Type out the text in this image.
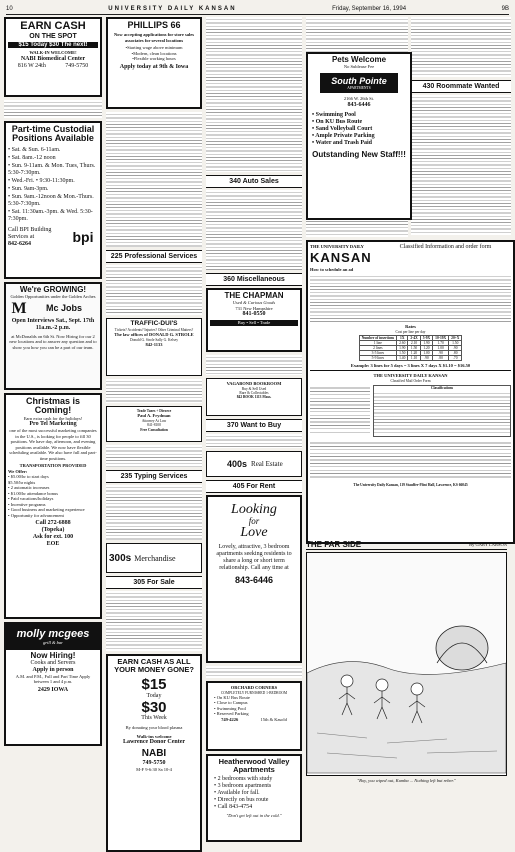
10	UNIVERSITY DAILY KANSAN	Friday, September 16, 1994	9B
EARN CASH
ON THE SPOT
$15 Today $30 The next!
WALK-IN WELCOME!
NABI Biomedical Center
816 W 24th	749-5750
Part-time Custodial Positions Available
• Sat. & Sun. 6-11am.
• Sat. 8am.-12 noon
• Sun. 9-11am. & Mon. Tues, Thurs. 5:30-7:30pm.
• Wed.-Fri. • 9:30-11:30pm.
• Sun. 9am-3pm.
• Sun. 9am.-12noon & Mon.-Thurs. 5:30-7:30pm.
• Sat. 11:30am.-3pm. & Wed. 5:30-7:30pm.
Call BPI Building Services at
842-6264	bpi
We're GROWING!
Golden Opportunities under the Golden Arches
M	Mc Jobs
Open Interviews Sat., Sept. 17th 11a.m.-2 p.m.
at McDonalds on 6th St. Now Hiring for our 2 new locations and to answer any question and to show you how you can be a part of our team.
Christmas is Coming!
Earn extra cash for the holidays!
Pro Tel Marketing
one of the most successful marketing companies in the U.S., is looking for people to fill 30 positions. We have day, afternoon, and evening positions available. We now have flexible scheduling available. We also have full and part-time positions.
TRANSPORTATION PROVIDED
We Offer:
• $5.00/hr to start days
$5.50/hr nights
• 2 automatic increases
• $1.00/hr attendance bonus
• Paid vacations/holidays
• Incentive programs
• Good business and marketing experience
• Opportunity for advancement
Call 272-6888
(Topeka)
Ask for ext. 100
EOE
molly mcgees
grill & bar
Now Hiring!
Cooks and Servers
Apply in person
A.M. and P.M., Full and Part Time Apply between 1 and 4 p.m.
2429 IOWA
PHILLIPS 66
Now accepting applications for store sales associates for several locations
•Starting wage above minimum
•Modern, clean locations
•Flexible working hours
Apply today at 9th & Iowa
225 Professional Services
TRAFFIC-DUI'S
Tickets? Accidents? Injuries? Other Criminal Matters?
The law offices of DONALD G. STROLE
Donald G. Strole Sally G. Kelsey
842-1133
Trade Taxes + Divorce
Paul A. Frydman
Attorney At Law
841-8100
Free Consultation
235 Typing Services
300s Merchandise
305 For Sale
EARN CASH AS ALL YOUR MONEY GONE?
$15
Today
$30
This Week
By donating your blood plasma
Walk-ins welcome
Lawrence Donor Center
NABI
749-5750
M-F 9-6:30 Sa 10-4
340 Auto Sales
360 Miscellaneous
THE CHAPMAN
Used & Curious Goods
731 New Hampshire
841-0550
Buy • Sell • Trade
VAGABOND BOOKROOM
Buy & Sell Used
Rare & Collectables
842 BOOK 1113 Mass.
370 Want to Buy
400s Real Estate
405 For Rent
Looking
for
Love
Lovely, attractive, 3 bedroom apartments seeking residents to share a long or short term relationship. Call any time at
843-6446
ORCHARD CORNERS
COMPLETELY FURNISHED 1-BEDROOM
• On KU Bus Route
• Close to Campus
• Swimming Pool
• Reserved Parking
749-4226	15th & Kasold
Heatherwood Valley Apartments
• 2 bedrooms with study
• 3 bedroom apartments
• Available for fall.
• Directly on bus route
• Call 843-4754
"Don't get left out in the cold."
430 Roommate Wanted
Pets Welcome
No Sublease Fee
South Pointe
APARTMENTS
2166 W. 26th St.
843-6446
• Swimming Pool
• On KU Bus Route
• Sand Volleyball Court
• Ample Private Parking
• Water and Trash Paid
Outstanding New Staff!!!
THE UNIVERSITY DAILY
KANSAN
Classified Information and order form
How to schedule an ad
Rates
Cost per line per day
Number of insertions	1X	2-4X	5-9X	10-19X	20+X
1 line	2.60	2.10	1.90	1.70	1.50
2 lines	1.90	1.50	1.20	1.00	.90
3-5 lines	1.50	1.20	1.00	.90	.80
5-9 lines	1.40	1.10	.90	.80	.70
Example: 3 lines for 5 days = 3 lines X 7 days X $1.10 = $16.50
THE UNIVERSITY DAILY KANSAN
Classified Mail Order Form
Classifications
The University Daily Kansan, 119 Stauffer-Flint Hall, Lawrence, KS 66045
THE FAR SIDE	By GARY LARSON
"Boy, you wiped out, Kumba ... Nothing left but reber."
